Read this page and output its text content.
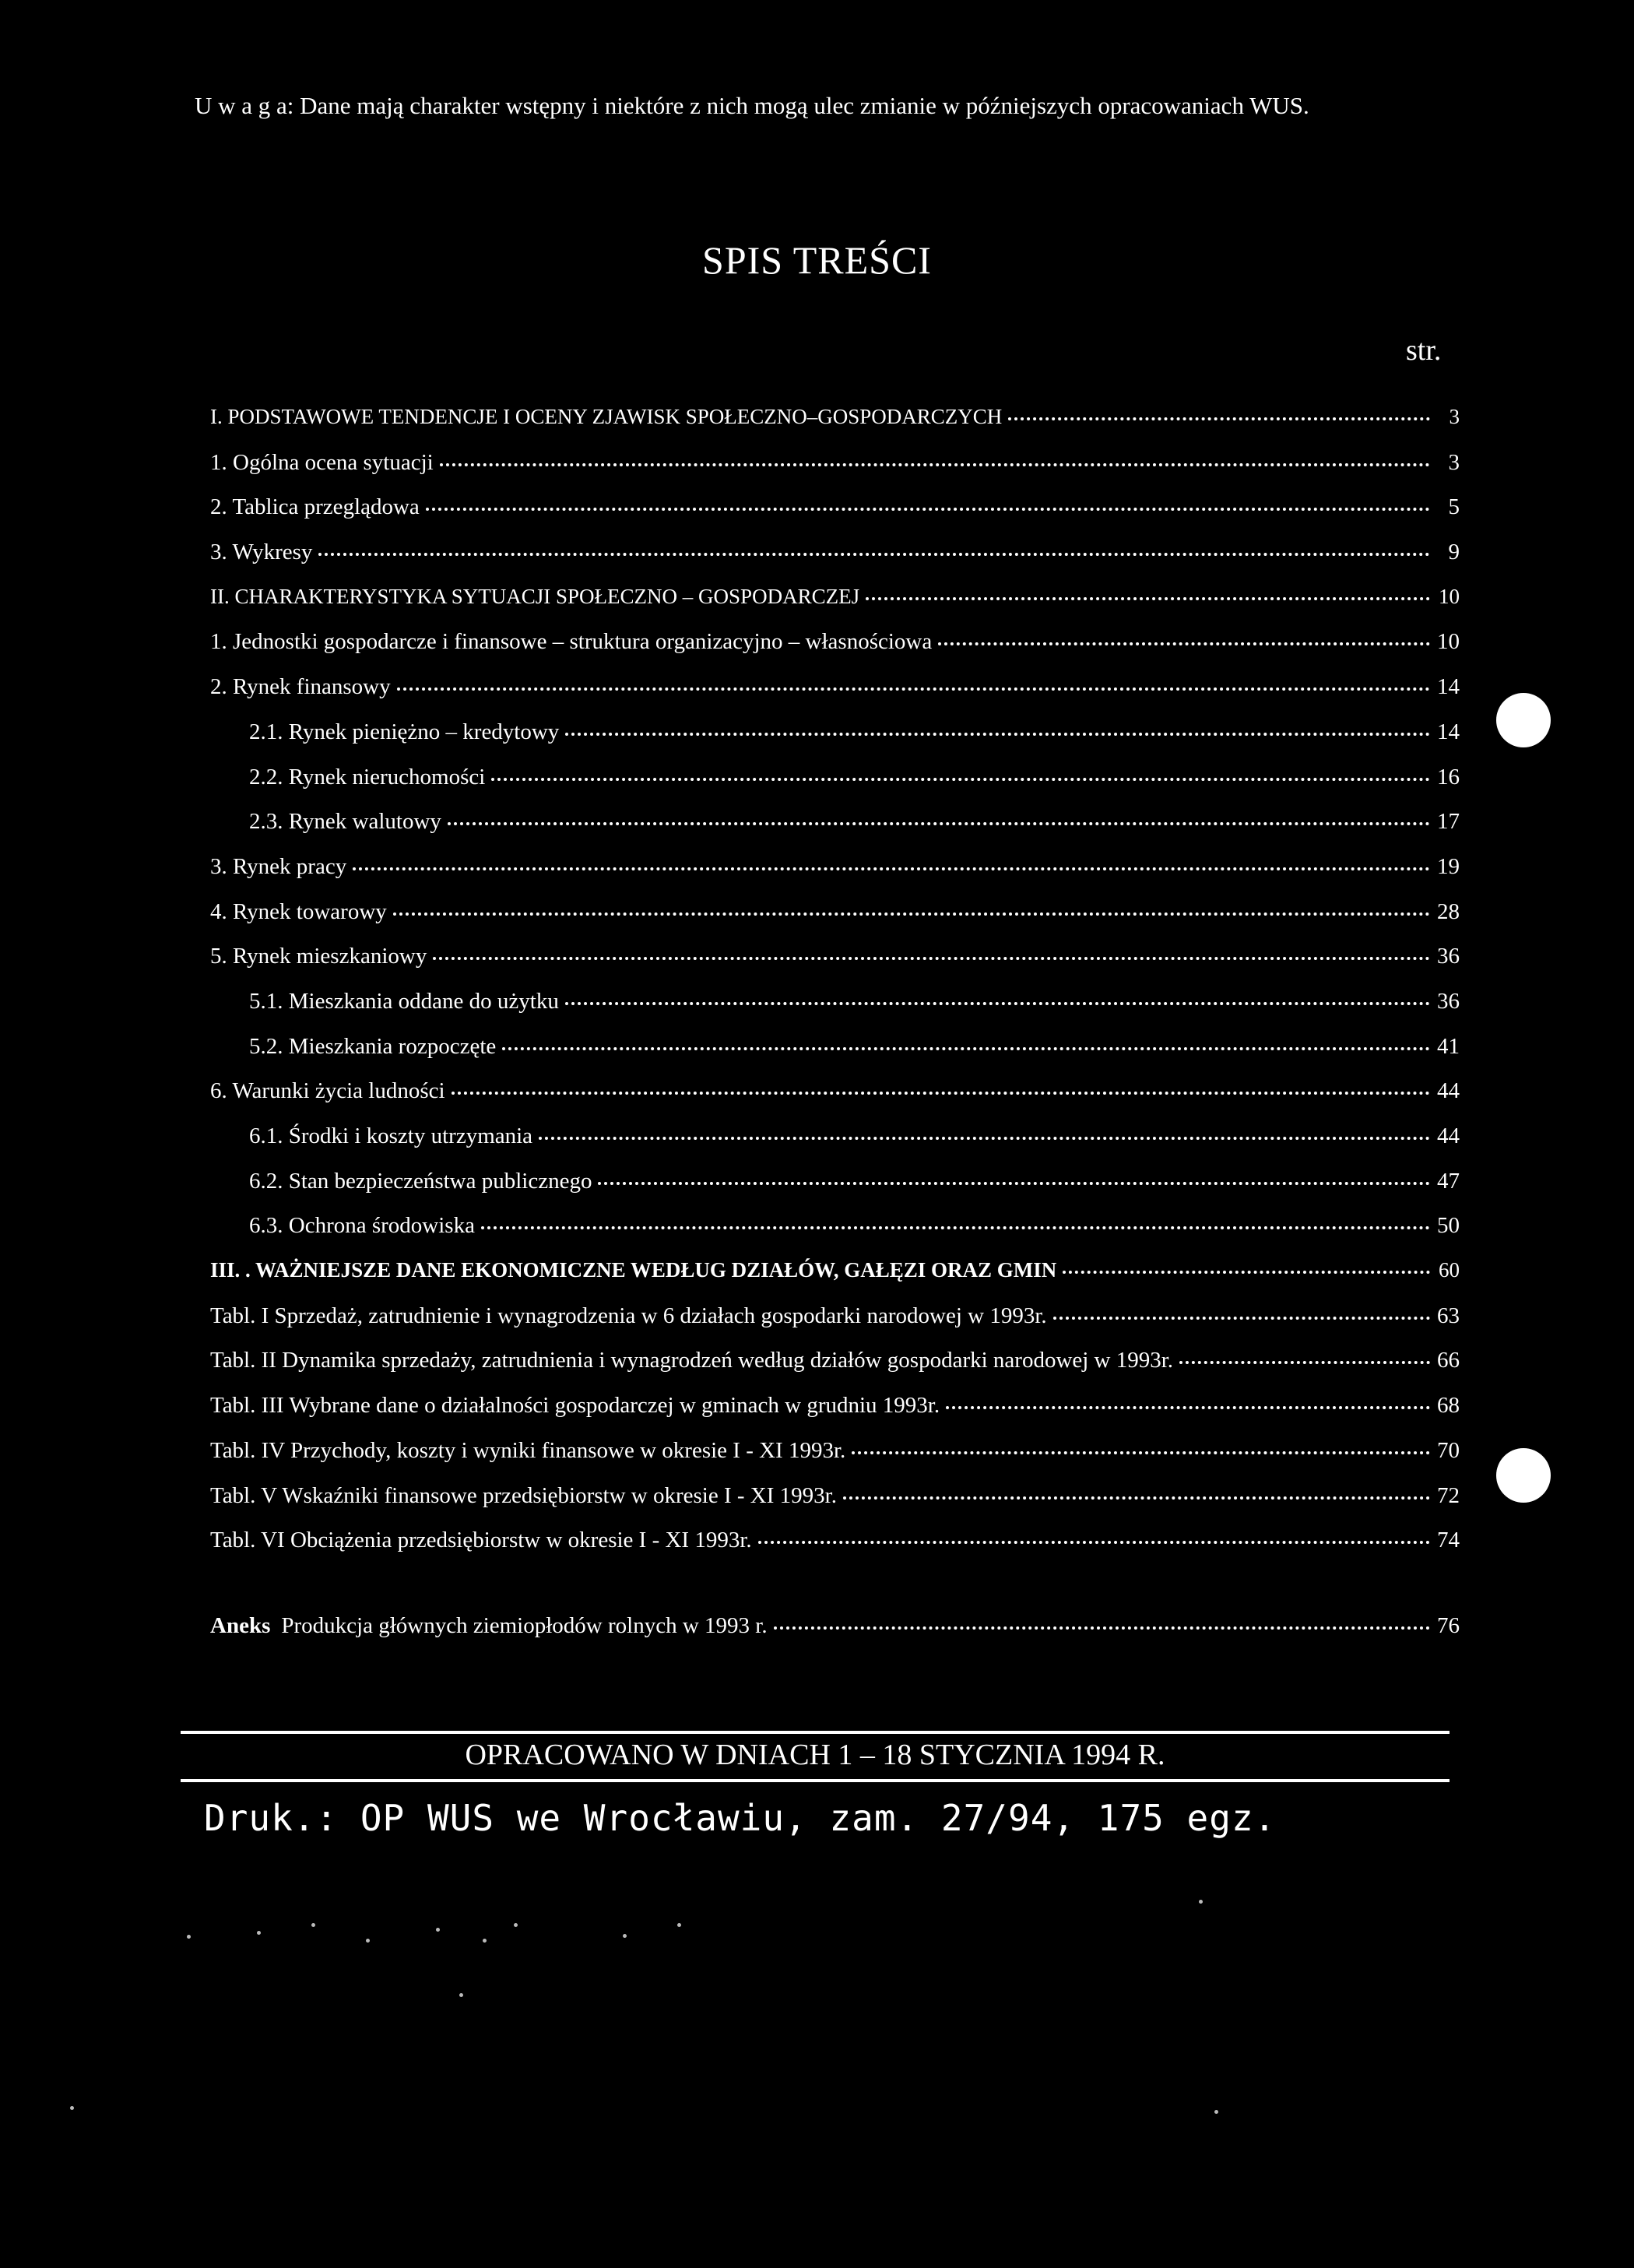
U w a g a: Dane mają charakter wstępny i niektóre z nich mogą ulec zmianie w późniejszych opracowaniach WUS.
SPIS TREŚCI
str.
I. PODSTAWOWE TENDENCJE I OCENY ZJAWISK SPOŁECZNO–GOSPODARCZYCH	3
1. Ogólna ocena sytuacji	3
2. Tablica przeglądowa	5
3. Wykresy	9
II. CHARAKTERYSTYKA SYTUACJI SPOŁECZNO – GOSPODARCZEJ	10
1. Jednostki gospodarcze i finansowe – struktura organizacyjno – własnościowa	10
2. Rynek finansowy	14
2.1. Rynek pieniężno – kredytowy	14
2.2. Rynek nieruchomości	16
2.3. Rynek walutowy	17
3. Rynek pracy	19
4. Rynek towarowy	28
5. Rynek mieszkaniowy	36
5.1. Mieszkania oddane do użytku	36
5.2. Mieszkania rozpoczęte	41
6. Warunki życia ludności	44
6.1. Środki i koszty utrzymania	44
6.2. Stan bezpieczeństwa publicznego	47
6.3. Ochrona środowiska	50
III. . WAŻNIEJSZE DANE EKONOMICZNE WEDŁUG DZIAŁÓW, GAŁĘZI ORAZ GMIN	60
Tabl. I Sprzedaż, zatrudnienie i wynagrodzenia w 6 działach gospodarki narodowej w 1993r.	63
Tabl. II Dynamika sprzedaży, zatrudnienia i wynagrodzeń według działów gospodarki narodowej w 1993r.	66
Tabl. III Wybrane dane o działalności gospodarczej w gminach w grudniu 1993r.	68
Tabl. IV Przychody, koszty i wyniki finansowe w okresie I - XI 1993r.	70
Tabl. V Wskaźniki finansowe przedsiębiorstw w okresie I - XI 1993r.	72
Tabl. VI Obciążenia przedsiębiorstw w okresie I - XI 1993r.	74
Aneks Produkcja głównych ziemiopłodów rolnych w 1993 r.	76
OPRACOWANO W DNIACH 1 – 18 STYCZNIA 1994 R.
Druk.: OP WUS we Wrocławiu, zam. 27/94, 175 egz.
